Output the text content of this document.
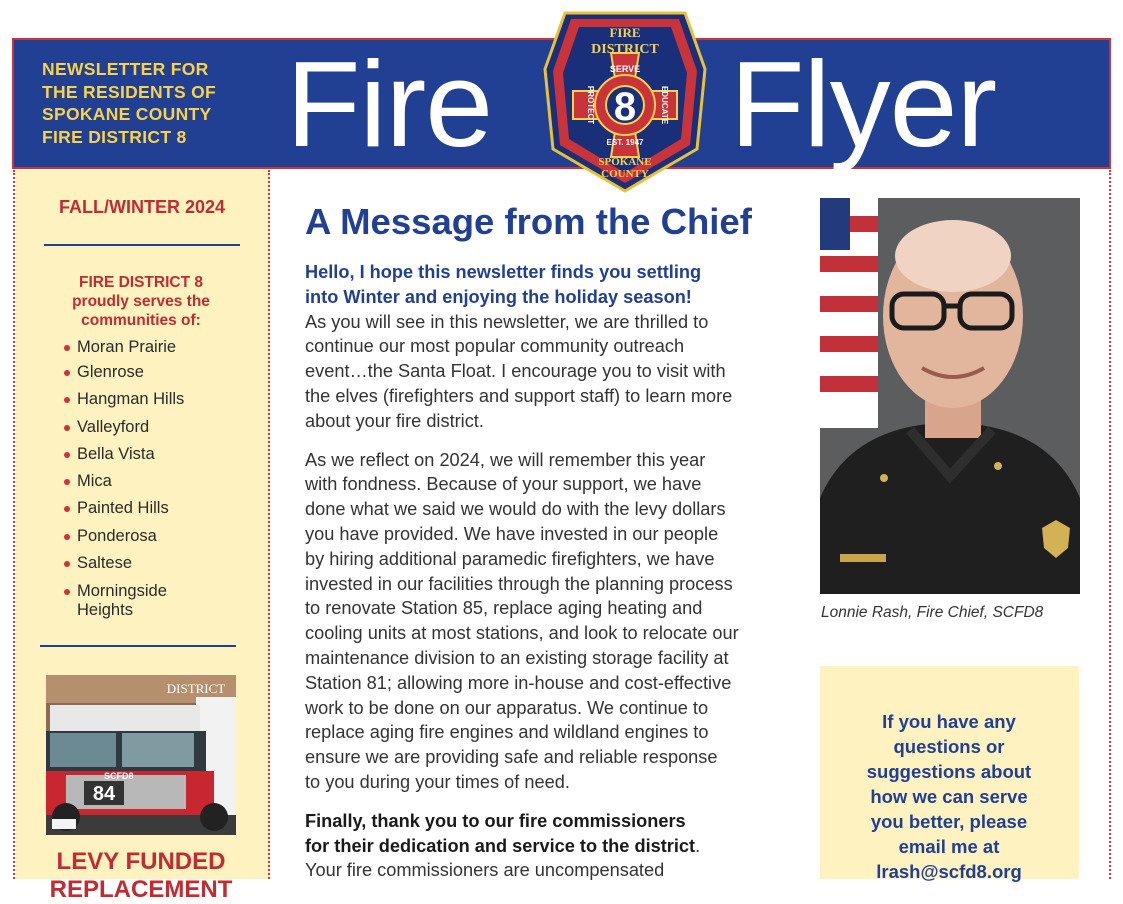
NEWSLETTER FOR
THE RESIDENTS OF
SPOKANE COUNTY
FIRE DISTRICT 8 Fire Flyer
FIRE
8
SERVE
EST. 1947
PROTECT	EDUCATE
DISTRICT
SPOKANE
COUNTY
FALL/WINTER 2024
FIRE DISTRICT 8
proudly serves the
communities of:
Moran Prairie
Glenrose
Hangman Hills
Valleyford
Bella Vista
Mica
Painted Hills
Ponderosa
Saltese
Morningside
Heights
DISTRICT
SCFD8
84
LEVY FUNDED
REPLACEMENT
A Message from the Chief
Hello, I hope this newsletter finds you settling
into Winter and enjoying the holiday season!

As you will see in this newsletter, we are thrilled to
continue our most popular community outreach
event…the Santa Float. I encourage you to visit with
the elves (firefighters and support staff) to learn more
about your fire district.

As we reflect on 2024, we will remember this year
with fondness. Because of your support, we have
done what we said we would do with the levy dollars
you have provided. We have invested in our people
by hiring additional paramedic firefighters, we have
invested in our facilities through the planning process
to renovate Station 85, replace aging heating and
cooling units at most stations, and look to relocate our
maintenance division to an existing storage facility at
Station 81; allowing more in-house and cost-effective
work to be done on our apparatus. We continue to
replace aging fire engines and wildland engines to
ensure we are providing safe and reliable response
to you during your times of need.

Finally, thank you to our fire commissioners
for their dedication and service to the district.
Your fire commissioners are uncompensated

Lonnie Rash, Fire Chief, SCFD8
If you have any
questions or
suggestions about
how we can serve
you better, please
email me at
lrash@scfd8.org
